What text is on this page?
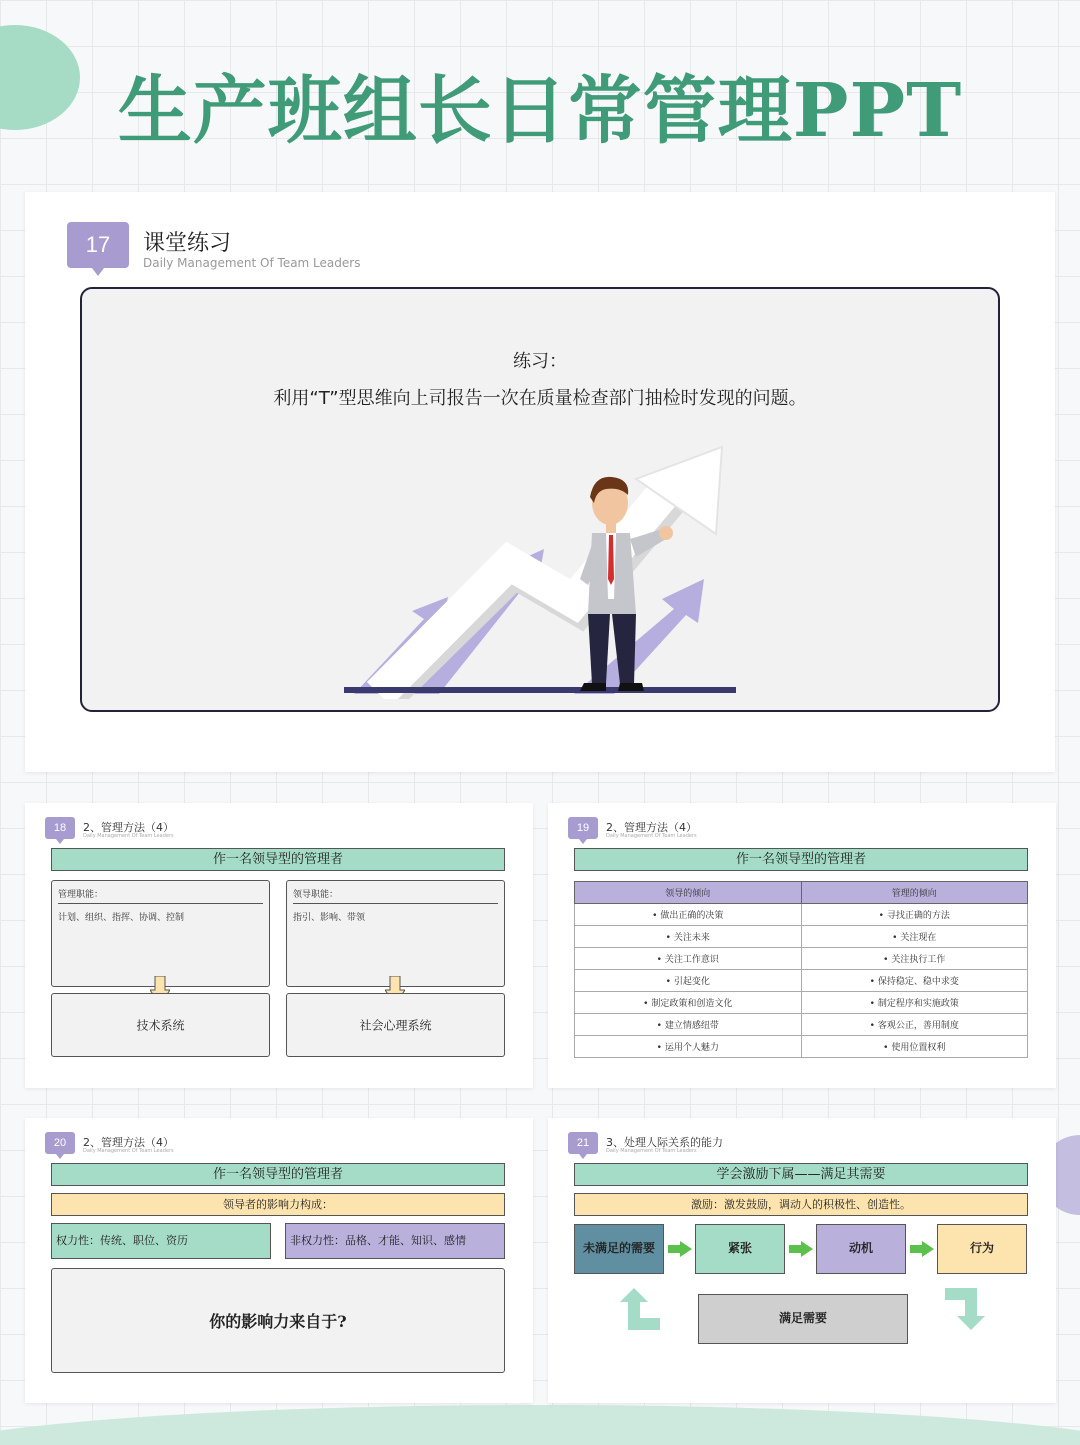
生产班组长日常管理PPT
17	课堂练习
Daily Management Of Team Leaders
练习：
利用“T”型思维向上司报告一次在质量检查部门抽检时发现的问题。
18	2、管理方法（4）
Daily Management Of Team Leaders
作一名领导型的管理者
管理职能：
计划、组织、指挥、协调、控制
技术系统
领导职能：
指引、影响、带领
社会心理系统
19	2、管理方法（4）
Daily Management Of Team Leaders
作一名领导型的管理者
领导的倾向	管理的倾向
• 做出正确的决策	• 寻找正确的方法
• 关注未来	• 关注现在
• 关注工作意识	• 关注执行工作
• 引起变化	• 保持稳定、稳中求变
• 制定政策和创造文化	• 制定程序和实施政策
• 建立情感纽带	• 客观公正，善用制度
• 运用个人魅力	• 使用位置权利
20	2、管理方法（4）
Daily Management Of Team Leaders
作一名领导型的管理者
领导者的影响力构成：
权力性：传统、职位、资历	非权力性：品格、才能、知识、感情
你的影响力来自于?
21	3、处理人际关系的能力
Daily Management Of Team Leaders
学会激励下属——满足其需要
激励：激发鼓励，调动人的积极性、创造性。
未满足的需要	紧张	动机	行为
满足需要
